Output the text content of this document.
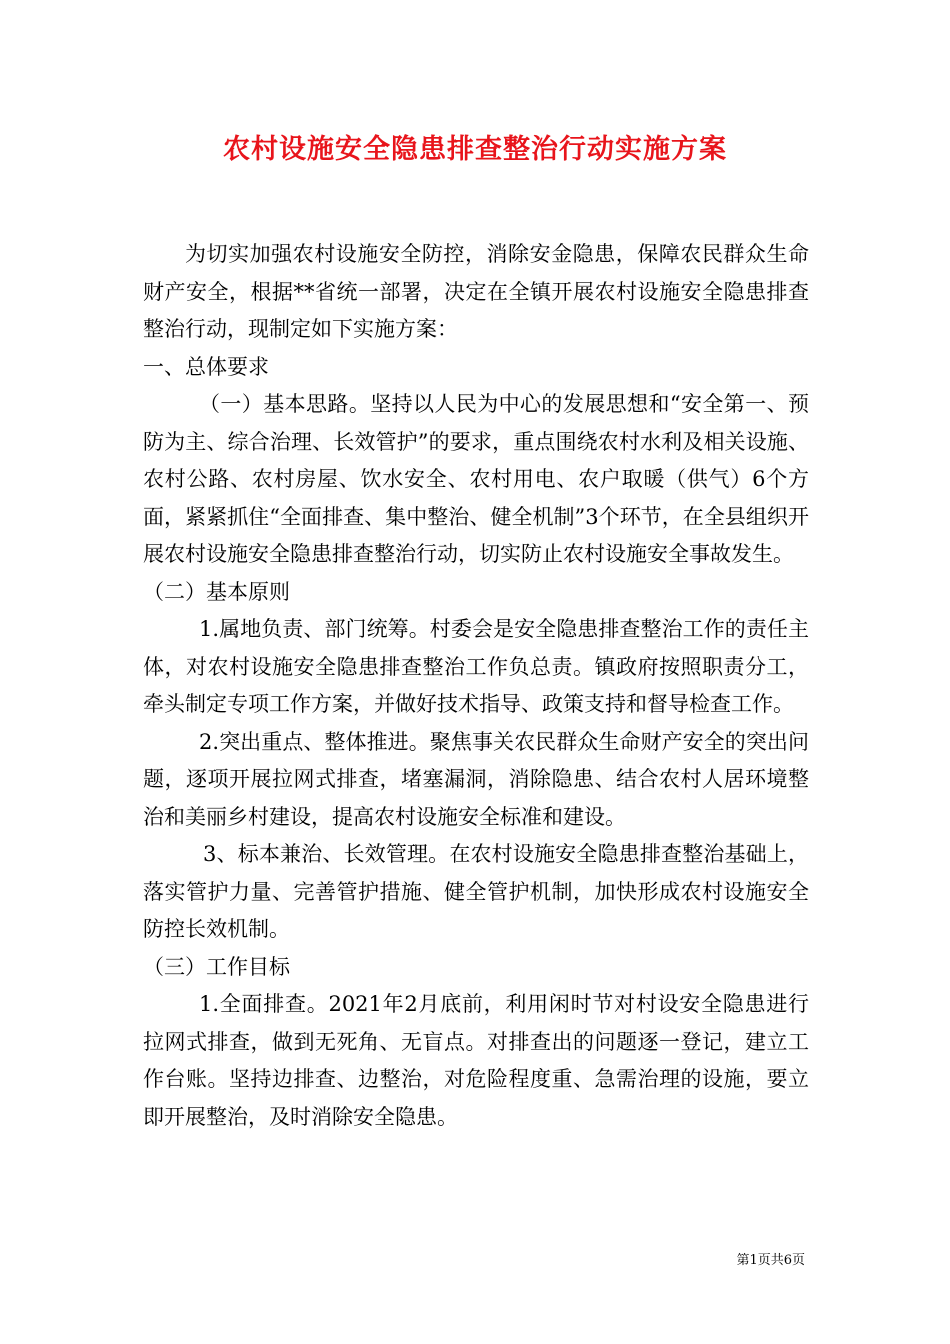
农村设施安全隐患排查整治行动实施方案

为切实加强农村设施安全防控，消除安金隐患，保障农民群众生命财产安全，根据**省统一部署，决定在全镇开展农村设施安全隐患排查整治行动，现制定如下实施方案：

一、总体要求

（一）基本思路。坚持以人民为中心的发展思想和“安全第一、预防为主、综合治理、长效管护”的要求，重点围绕农村水利及相关设施、农村公路、农村房屋、饮水安全、农村用电、农户取暖（供气）6个方面，紧紧抓住“全面排查、集中整治、健全机制”3个环节，在全县组织开展农村设施安全隐患排查整治行动，切实防止农村设施安全事故发生。

（二）基本原则

1.属地负责、部门统筹。村委会是安全隐患排查整治工作的责任主体，对农村设施安全隐患排查整治工作负总责。镇政府按照职责分工，牵头制定专项工作方案，并做好技术指导、政策支持和督导检查工作。

2.突出重点、整体推进。聚焦事关农民群众生命财产安全的突出问题，逐项开展拉网式排查，堵塞漏洞，消除隐患、结合农村人居环境整治和美丽乡村建设，提高农村设施安全标准和建设。

3、标本兼治、长效管理。在农村设施安全隐患排查整治基础上，落实管护力量、完善管护措施、健全管护机制，加快形成农村设施安全防控长效机制。

（三）工作目标

1.全面排查。2021年2月底前，利用闲时节对村设安全隐患进行拉网式排查，做到无死角、无盲点。对排查出的问题逐一登记，建立工作台账。坚持边排查、边整治，对危险程度重、急需治理的设施，要立即开展整治，及时消除安全隐患。

第1页共6页
